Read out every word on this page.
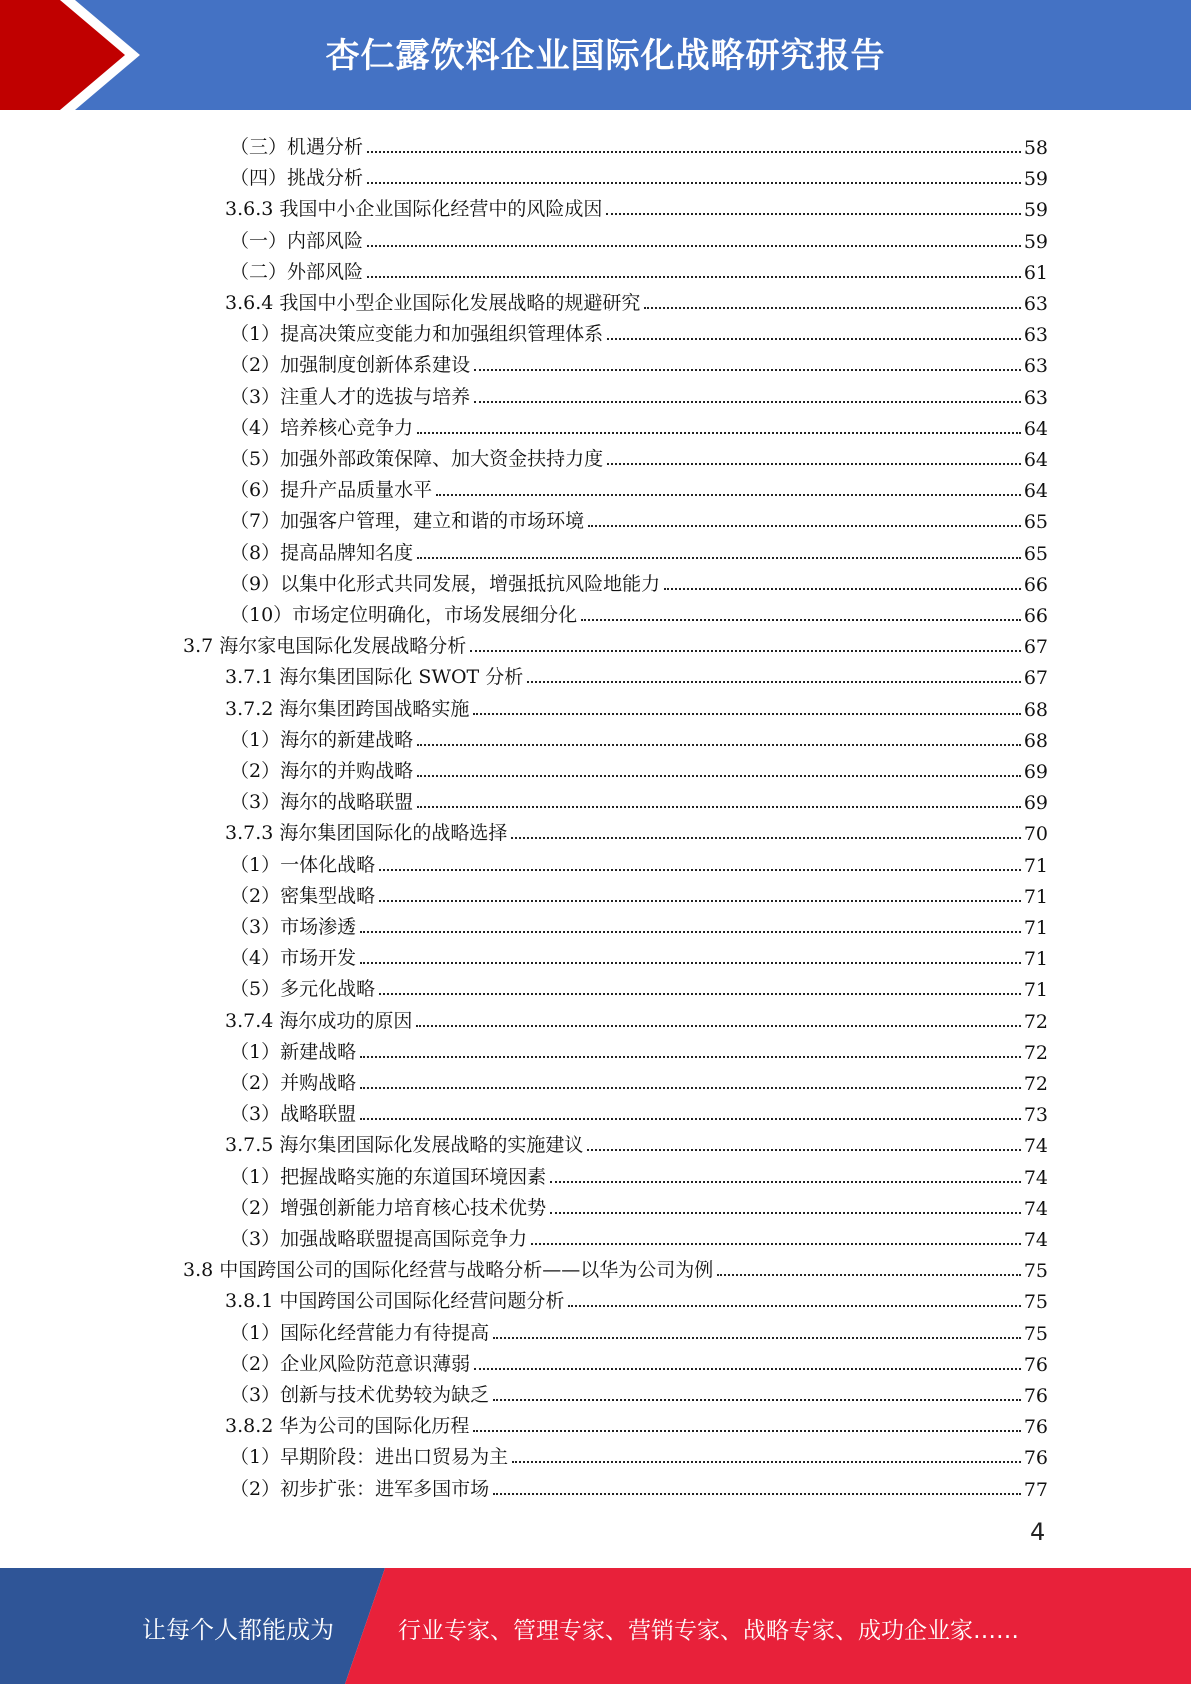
杏仁露饮料企业国际化战略研究报告
（三）机遇分析	58
（四）挑战分析	59
3.6.3 我国中小企业国际化经营中的风险成因	59
（一）内部风险	59
（二）外部风险	61
3.6.4 我国中小型企业国际化发展战略的规避研究	63
（1）提高决策应变能力和加强组织管理体系	63
（2）加强制度创新体系建设	63
（3）注重人才的选拔与培养	63
（4）培养核心竞争力	64
（5）加强外部政策保障、加大资金扶持力度	64
（6）提升产品质量水平	64
（7）加强客户管理，建立和谐的市场环境	65
（8）提高品牌知名度	65
（9）以集中化形式共同发展，增强抵抗风险地能力	66
（10）市场定位明确化，市场发展细分化	66
3.7 海尔家电国际化发展战略分析	67
3.7.1 海尔集团国际化 SWOT 分析	67
3.7.2 海尔集团跨国战略实施	68
（1）海尔的新建战略	68
（2）海尔的并购战略	69
（3）海尔的战略联盟	69
3.7.3 海尔集团国际化的战略选择	70
（1）一体化战略	71
（2）密集型战略	71
（3）市场渗透	71
（4）市场开发	71
（5）多元化战略	71
3.7.4 海尔成功的原因	72
（1）新建战略	72
（2）并购战略	72
（3）战略联盟	73
3.7.5 海尔集团国际化发展战略的实施建议	74
（1）把握战略实施的东道国环境因素	74
（2）增强创新能力培育核心技术优势	74
（3）加强战略联盟提高国际竞争力	74
3.8 中国跨国公司的国际化经营与战略分析——以华为公司为例	75
3.8.1 中国跨国公司国际化经营问题分析	75
（1）国际化经营能力有待提高	75
（2）企业风险防范意识薄弱	76
（3）创新与技术优势较为缺乏	76
3.8.2 华为公司的国际化历程	76
（1）早期阶段：进出口贸易为主	76
（2）初步扩张：进军多国市场	77
4
让每个人都能成为	行业专家、管理专家、营销专家、战略专家、成功企业家……
